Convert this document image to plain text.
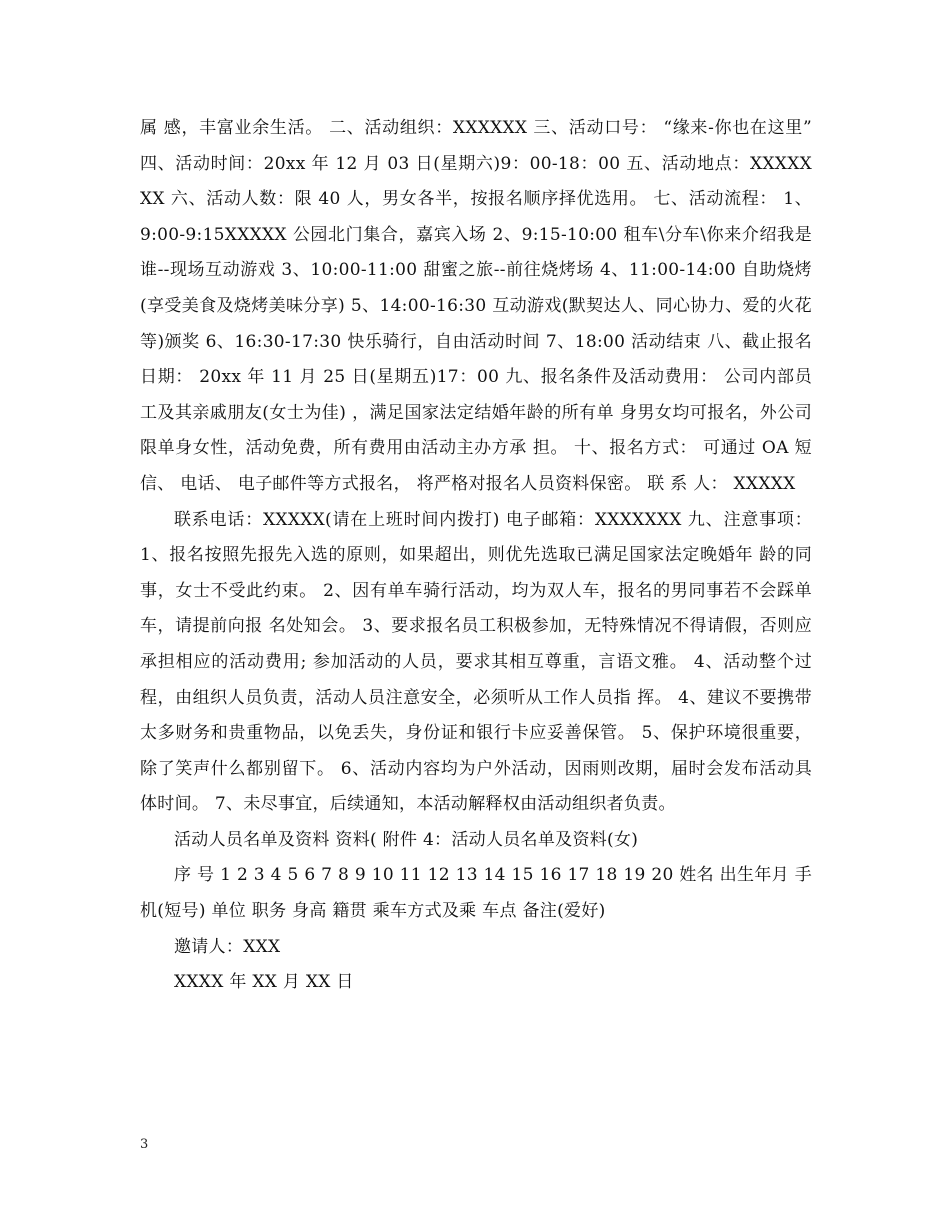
属 感，丰富业余生活。 二、活动组织：XXXXXX 三、活动口号： “缘来-你也在这里” 四、活动时间：20xx 年 12 月 03 日(星期六)9：00-18：00 五、活动地点：XXXXXXX 六、活动人数：限 40 人，男女各半，按报名顺序择优选用。 七、活动流程： 1、9:00-9:15XXXXX 公园北门集合，嘉宾入场 2、9:15-10:00 租车\分车\你来介绍我是谁--现场互动游戏 3、10:00-11:00 甜蜜之旅--前往烧烤场 4、11:00-14:00 自助烧烤(享受美食及烧烤美味分享) 5、14:00-16:30 互动游戏(默契达人、同心协力、爱的火花等)颁奖 6、16:30-17:30 快乐骑行，自由活动时间 7、18:00 活动结束 八、截止报名日期： 20xx 年 11 月 25 日(星期五)17：00 九、报名条件及活动费用： 公司内部员工及其亲戚朋友(女士为佳) ，满足国家法定结婚年龄的所有单 身男女均可报名，外公司限单身女性，活动免费，所有费用由活动主办方承 担。 十、报名方式： 可通过 OA 短信、 电话、 电子邮件等方式报名， 将严格对报名人员资料保密。 联 系 人： XXXXX

联系电话：XXXXX(请在上班时间内拨打) 电子邮箱：XXXXXXX 九、注意事项：1、报名按照先报先入选的原则，如果超出，则优先选取已满足国家法定晚婚年 龄的同事，女士不受此约束。 2、因有单车骑行活动，均为双人车，报名的男同事若不会踩单车，请提前向报 名处知会。 3、要求报名员工积极参加，无特殊情况不得请假，否则应承担相应的活动费用; 参加活动的人员，要求其相互尊重，言语文雅。 4、活动整个过程，由组织人员负责，活动人员注意安全，必须听从工作人员指 挥。 4、建议不要携带太多财务和贵重物品，以免丢失，身份证和银行卡应妥善保管。 5、保护环境很重要，除了笑声什么都别留下。 6、活动内容均为户外活动，因雨则改期，届时会发布活动具体时间。 7、未尽事宜，后续通知，本活动解释权由活动组织者负责。

活动人员名单及资料 资料( 附件 4：活动人员名单及资料(女)

序 号 1 2 3 4 5 6 7 8 9 10 11 12 13 14 15 16 17 18 19 20 姓名 出生年月 手机(短号) 单位 职务 身高 籍贯 乘车方式及乘 车点 备注(爱好)

邀请人：XXX

XXXX 年 XX 月 XX 日

3
